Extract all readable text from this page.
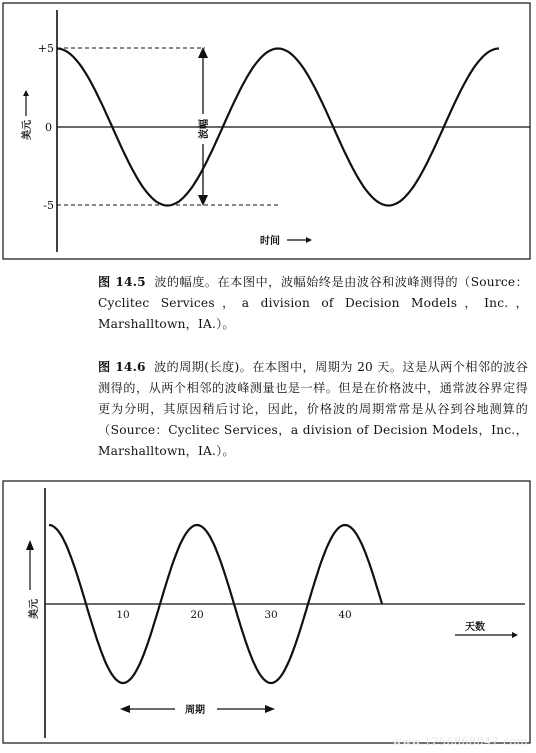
+5
0
-5
美元	波幅
时间
图 14.5 波的幅度。在本图中，波幅始终是由波谷和波峰测得的（Source：Cyclitec Services，a division of Decision Models，Inc.，Marshalltown，IA.）。
图 14.6 波的周期(长度)。在本图中，周期为 20 天。这是从两个相邻的波谷测得的，从两个相邻的波峰测量也是一样。但是在价格波中，通常波谷界定得更为分明，其原因稍后讨论，因此，价格波的周期常常是从谷到谷地测算的（Source：Cyclitec Services，a division of Decision Models，Inc.，Marshalltown，IA.）。
10	20	30	40
美元
天数
周期
www.1256868047.com
